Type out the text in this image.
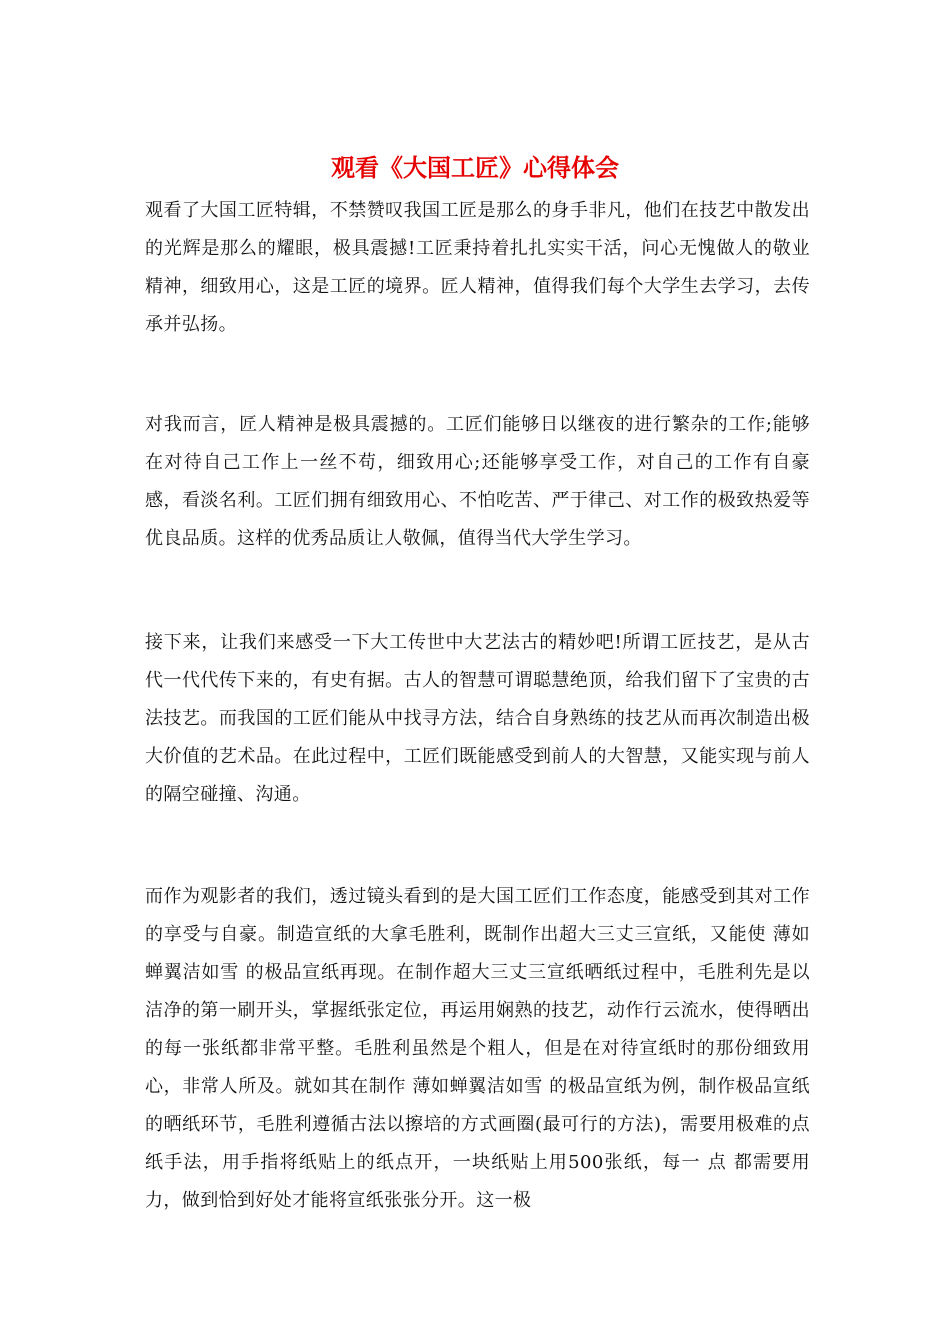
观看《大国工匠》心得体会

观看了大国工匠特辑，不禁赞叹我国工匠是那么的身手非凡，他们在技艺中散发出的光辉是那么的耀眼，极具震撼!工匠秉持着扎扎实实干活，问心无愧做人的敬业精神，细致用心，这是工匠的境界。匠人精神，值得我们每个大学生去学习，去传承并弘扬。

对我而言，匠人精神是极具震撼的。工匠们能够日以继夜的进行繁杂的工作;能够在对待自己工作上一丝不苟，细致用心;还能够享受工作，对自己的工作有自豪感，看淡名利。工匠们拥有细致用心、不怕吃苦、严于律己、对工作的极致热爱等优良品质。这样的优秀品质让人敬佩，值得当代大学生学习。

接下来，让我们来感受一下大工传世中大艺法古的精妙吧!所谓工匠技艺，是从古代一代代传下来的，有史有据。古人的智慧可谓聪慧绝顶，给我们留下了宝贵的古法技艺。而我国的工匠们能从中找寻方法，结合自身熟练的技艺从而再次制造出极大价值的艺术品。在此过程中，工匠们既能感受到前人的大智慧，又能实现与前人的隔空碰撞、沟通。

而作为观影者的我们，透过镜头看到的是大国工匠们工作态度，能感受到其对工作的享受与自豪。制造宣纸的大拿毛胜利，既制作出超大三丈三宣纸，又能使 薄如蝉翼洁如雪 的极品宣纸再现。在制作超大三丈三宣纸晒纸过程中，毛胜利先是以洁净的第一刷开头，掌握纸张定位，再运用娴熟的技艺，动作行云流水，使得晒出的每一张纸都非常平整。毛胜利虽然是个粗人，但是在对待宣纸时的那份细致用心，非常人所及。就如其在制作 薄如蝉翼洁如雪 的极品宣纸为例，制作极品宣纸的晒纸环节，毛胜利遵循古法以擦培的方式画圈(最可行的方法)，需要用极难的点纸手法，用手指将纸贴上的纸点开，一块纸贴上用500张纸，每一 点 都需要用力，做到恰到好处才能将宣纸张张分开。这一极
